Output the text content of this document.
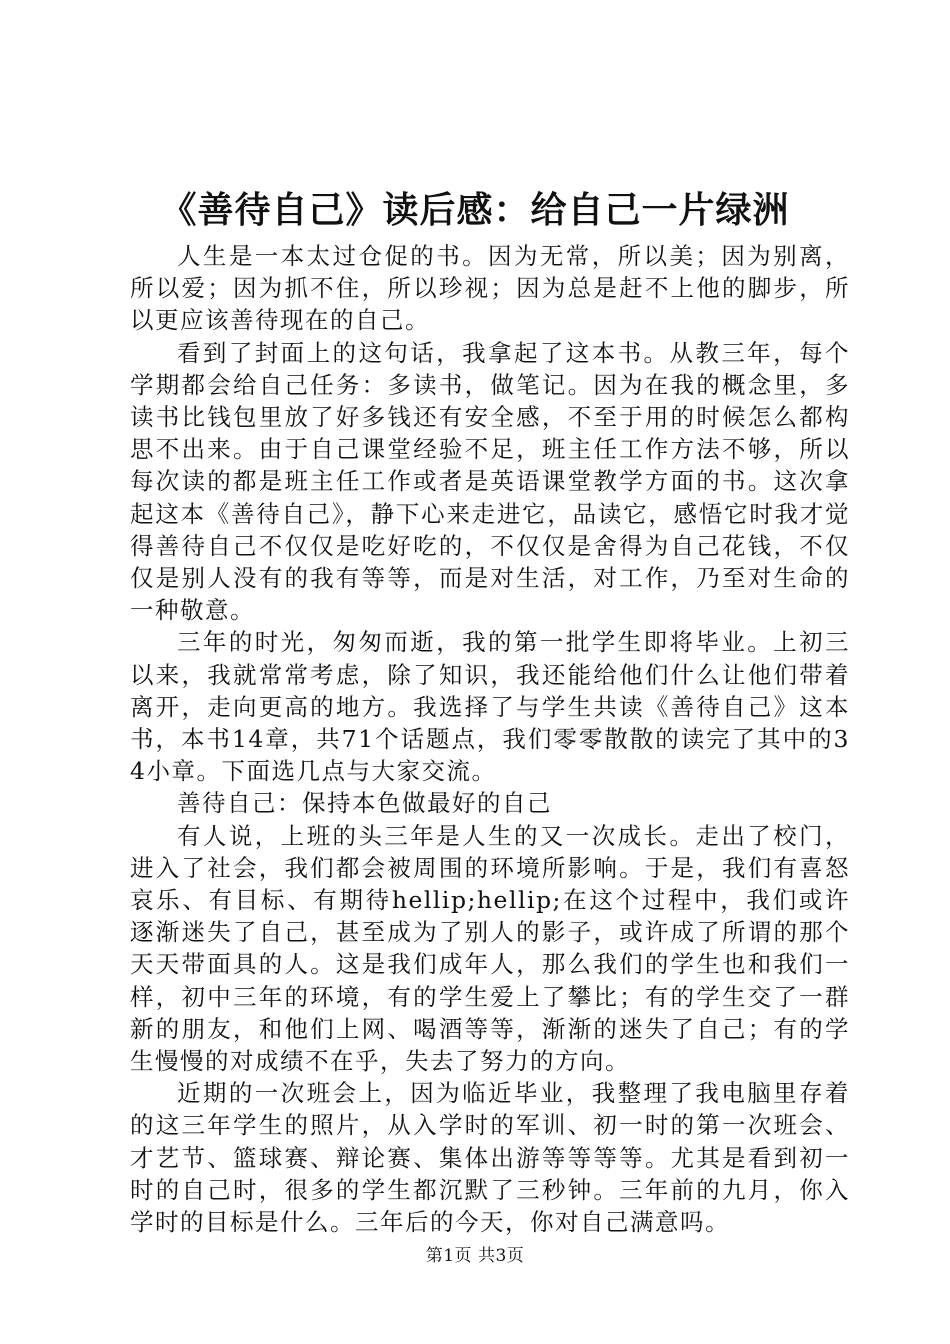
《善待自己》读后感：给自己一片绿洲

人生是一本太过仓促的书。因为无常，所以美；因为别离，所以爱；因为抓不住，所以珍视；因为总是赶不上他的脚步，所以更应该善待现在的自己。

看到了封面上的这句话，我拿起了这本书。从教三年，每个学期都会给自己任务：多读书，做笔记。因为在我的概念里，多读书比钱包里放了好多钱还有安全感，不至于用的时候怎么都构思不出来。由于自己课堂经验不足，班主任工作方法不够，所以每次读的都是班主任工作或者是英语课堂教学方面的书。这次拿起这本《善待自己》，静下心来走进它，品读它，感悟它时我才觉得善待自己不仅仅是吃好吃的，不仅仅是舍得为自己花钱，不仅仅是别人没有的我有等等，而是对生活，对工作，乃至对生命的一种敬意。

三年的时光，匆匆而逝，我的第一批学生即将毕业。上初三以来，我就常常考虑，除了知识，我还能给他们什么让他们带着离开，走向更高的地方。我选择了与学生共读《善待自己》这本书，本书14章，共71个话题点，我们零零散散的读完了其中的34小章。下面选几点与大家交流。

善待自己：保持本色做最好的自己

有人说，上班的头三年是人生的又一次成长。走出了校门，进入了社会，我们都会被周围的环境所影响。于是，我们有喜怒哀乐、有目标、有期待hellip;hellip;在这个过程中，我们或许逐渐迷失了自己，甚至成为了别人的影子，或许成了所谓的那个天天带面具的人。这是我们成年人，那么我们的学生也和我们一样，初中三年的环境，有的学生爱上了攀比；有的学生交了一群新的朋友，和他们上网、喝酒等等，渐渐的迷失了自己；有的学生慢慢的对成绩不在乎，失去了努力的方向。

近期的一次班会上，因为临近毕业，我整理了我电脑里存着的这三年学生的照片，从入学时的军训、初一时的第一次班会、才艺节、篮球赛、辩论赛、集体出游等等等等。尤其是看到初一时的自己时，很多的学生都沉默了三秒钟。三年前的九月，你入学时的目标是什么。三年后的今天，你对自己满意吗。

第1页 共3页
